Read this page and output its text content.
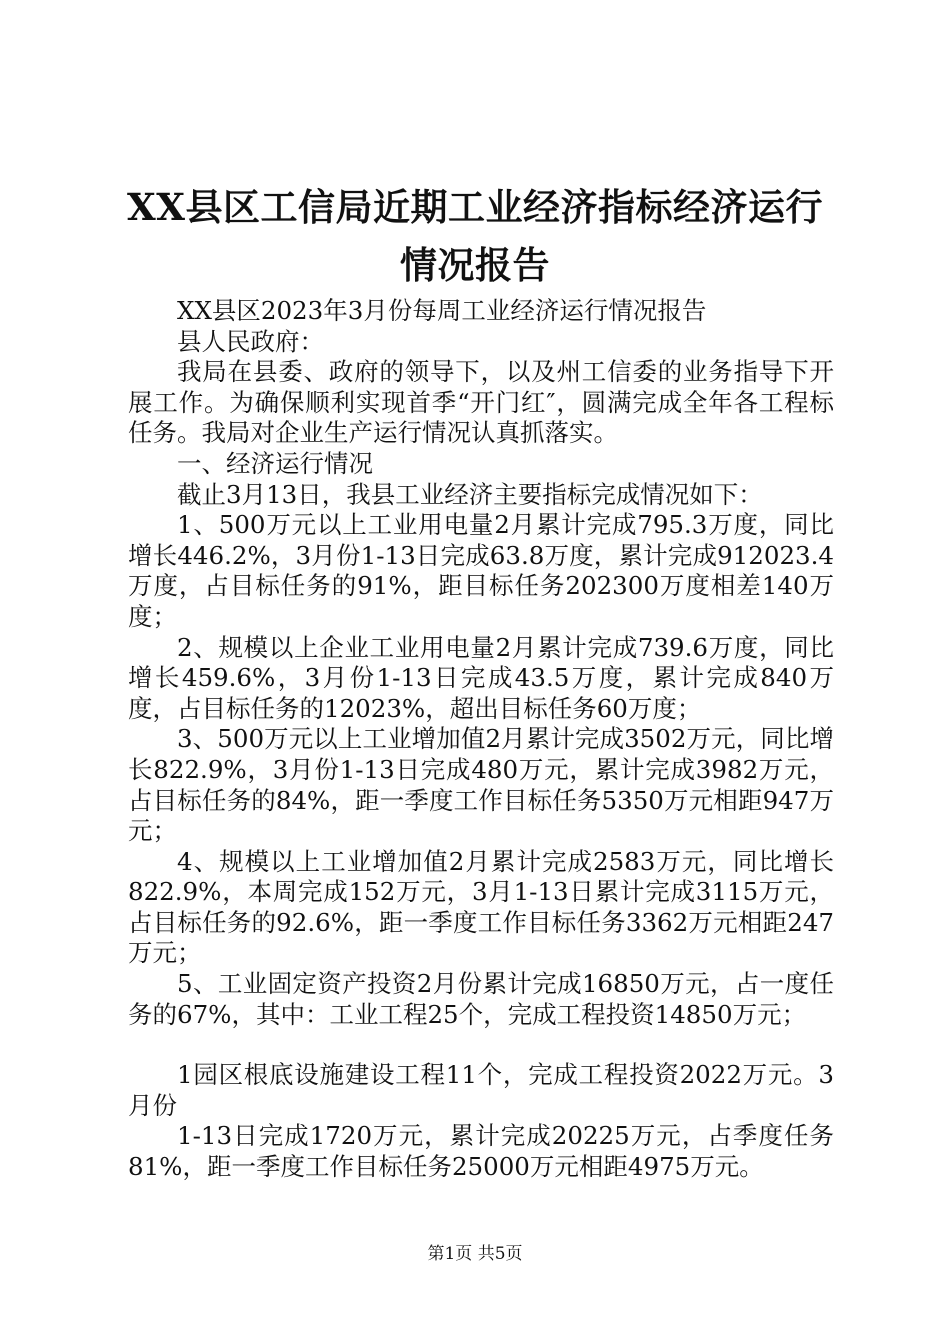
XX县区工信局近期工业经济指标经济运行情况报告

XX县区2023年3月份每周工业经济运行情况报告

县人民政府：

我局在县委、政府的领导下，以及州工信委的业务指导下开展工作。为确保顺利实现首季“开门红″，圆满完成全年各工程标任务。我局对企业生产运行情况认真抓落实。

一、经济运行情况

截止3月13日，我县工业经济主要指标完成情况如下：

1、500万元以上工业用电量2月累计完成795.3万度，同比增长446.2%，3月份1-13日完成63.8万度，累计完成912023.4万度，占目标任务的91%，距目标任务202300万度相差140万度；

2、规模以上企业工业用电量2月累计完成739.6万度，同比增长459.6%，3月份1-13日完成43.5万度，累计完成840万度，占目标任务的12023%，超出目标任务60万度；

3、500万元以上工业增加值2月累计完成3502万元，同比增长822.9%，3月份1-13日完成480万元，累计完成3982万元，占目标任务的84%，距一季度工作目标任务5350万元相距947万元；

4、规模以上工业增加值2月累计完成2583万元，同比增长822.9%，本周完成152万元，3月1-13日累计完成3115万元，占目标任务的92.6%，距一季度工作目标任务3362万元相距247万元；

5、工业固定资产投资2月份累计完成16850万元，占一度任务的67%，其中：工业工程25个，完成工程投资14850万元；

1园区根底设施建设工程11个，完成工程投资2022万元。3月份

1-13日完成1720万元，累计完成20225万元，占季度任务81%，距一季度工作目标任务25000万元相距4975万元。

第1页 共5页
